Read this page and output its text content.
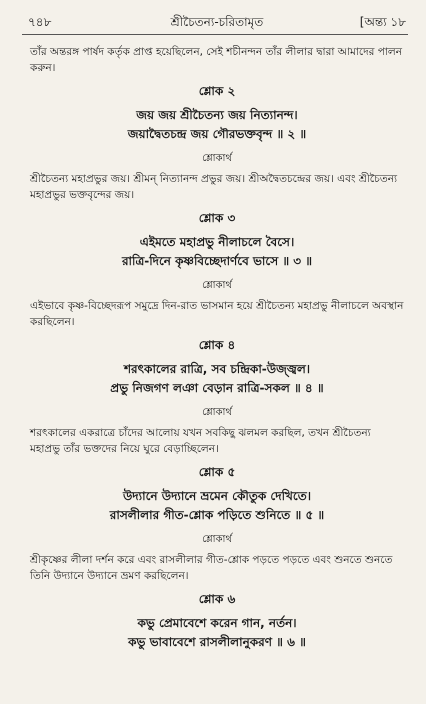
৭৪৮	শ্রীচৈতন্য-চরিতামৃত	[অন্ত্য ১৮

তাঁর অন্তরঙ্গ পার্ষদ কর্তৃক প্রাপ্ত হয়েছিলেন, সেই শচীনন্দন তাঁর লীলার দ্বারা আমাদের পালন করুন।

শ্লোক ২

জয় জয় শ্রীচৈতন্য জয় নিত্যানন্দ।

জয়াদ্বৈতচন্দ্র জয় গৌরভক্তবৃন্দ ॥ ২ ॥

শ্লোকার্থ

শ্রীচৈতন্য মহাপ্রভুর জয়। শ্রীমন্ নিত্যানন্দ প্রভুর জয়। শ্রীঅদ্বৈতচন্দ্রের জয়। এবং শ্রীচৈতন্য মহাপ্রভুর ভক্তবৃন্দের জয়।

শ্লোক ৩

এইমতে মহাপ্রভু নীলাচলে বৈসে।

রাত্রি-দিনে কৃষ্ণবিচ্ছেদার্ণবে ভাসে ॥ ৩ ॥

শ্লোকার্থ

এইভাবে কৃষ্ণ-বিচ্ছেদরূপ সমুদ্রে দিন-রাত ভাসমান হয়ে শ্রীচৈতন্য মহাপ্রভু নীলাচলে অবস্থান করছিলেন।

শ্লোক ৪

শরৎকালের রাত্রি, সব চন্দ্রিকা-উজ্জ্বল।

প্রভু নিজগণ লঞা বেড়ান রাত্রি-সকল ॥ ৪ ॥

শ্লোকার্থ

শরৎকালের একরাত্রে চাঁদের আলোয় যখন সবকিছু ঝলমল করছিল, তখন শ্রীচৈতন্য মহাপ্রভু তাঁর ভক্তদের নিয়ে ঘুরে বেড়াচ্ছিলেন।

শ্লোক ৫

উদ্যানে উদ্যানে ভ্রমেন কৌতুক দেখিতে।

রাসলীলার গীত-শ্লোক পড়িতে শুনিতে ॥ ৫ ॥

শ্লোকার্থ

শ্রীকৃষ্ণের লীলা দর্শন করে এবং রাসলীলার গীত-শ্লোক পড়তে পড়তে এবং শুনতে শুনতে তিনি উদ্যানে উদ্যানে ভ্রমণ করছিলেন।

শ্লোক ৬

কভু প্রেমাবেশে করেন গান, নর্তন।

কভু ভাবাবেশে রাসলীলানুকরণ ॥ ৬ ॥
